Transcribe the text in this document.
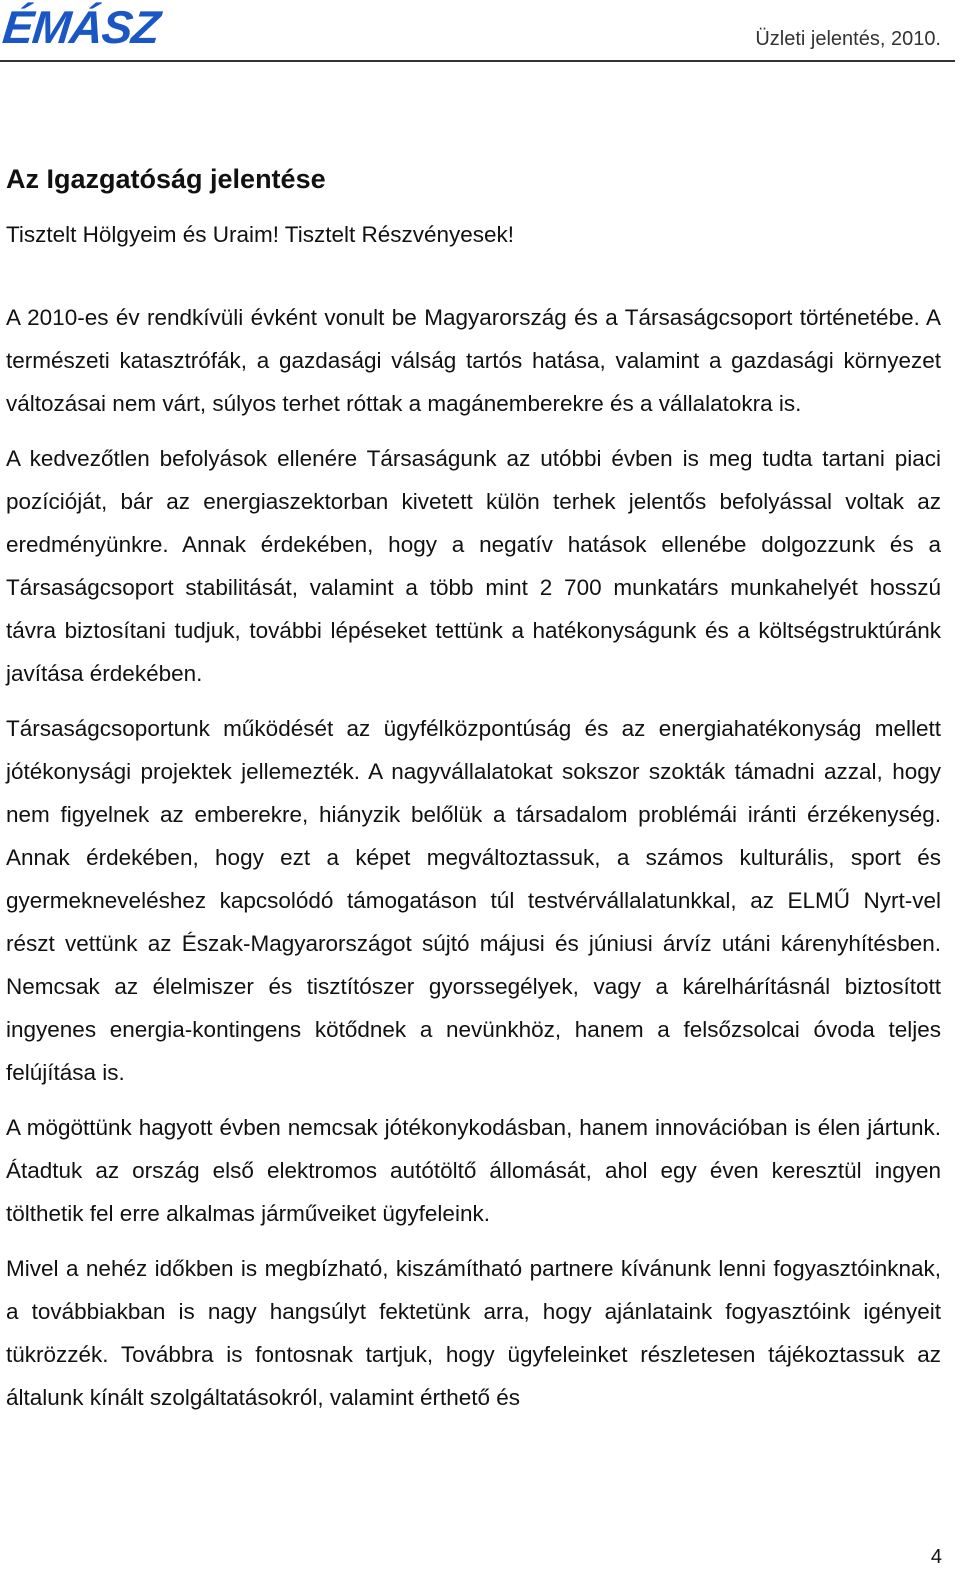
ÉMÁSZ	Üzleti jelentés, 2010.
Az Igazgatóság jelentése
Tisztelt Hölgyeim és Uraim! Tisztelt Részvényesek!

A 2010-es év rendkívüli évként vonult be Magyarország és a Társaságcsoport történetébe. A természeti katasztrófák, a gazdasági válság tartós hatása, valamint a gazdasági környezet változásai nem várt, súlyos terhet róttak a magánemberekre és a vállalatokra is.

A kedvezőtlen befolyások ellenére Társaságunk az utóbbi évben is meg tudta tartani piaci pozícióját, bár az energiaszektorban kivetett külön terhek jelentős befolyással voltak az eredményünkre. Annak érdekében, hogy a negatív hatások ellenébe dolgozzunk és a Társaságcsoport stabilitását, valamint a több mint 2 700 munkatárs munkahelyét hosszú távra biztosítani tudjuk, további lépéseket tettünk a hatékonyságunk és a költségstruktúránk javítása érdekében.

Társaságcsoportunk működését az ügyfélközpontúság és az energiahatékonyság mellett jótékonysági projektek jellemezték. A nagyvállalatokat sokszor szokták támadni azzal, hogy nem figyelnek az emberekre, hiányzik belőlük a társadalom problémái iránti érzékenység. Annak érdekében, hogy ezt a képet megváltoztassuk, a számos kulturális, sport és gyermekneveléshez kapcsolódó támogatáson túl testvérvállalatunkkal, az ELMŰ Nyrt-vel részt vettünk az Észak-Magyarországot sújtó májusi és júniusi árvíz utáni kárenyhítésben. Nemcsak az élelmiszer és tisztítószer gyorssegélyek, vagy a kárelhárításnál biztosított ingyenes energia-kontingens kötődnek a nevünkhöz, hanem a felsőzsolcai óvoda teljes felújítása is.

A mögöttünk hagyott évben nemcsak jótékonykodásban, hanem innovációban is élen jártunk. Átadtuk az ország első elektromos autótöltő állomását, ahol egy éven keresztül ingyen tölthetik fel erre alkalmas járműveiket ügyfeleink.

Mivel a nehéz időkben is megbízható, kiszámítható partnere kívánunk lenni fogyasztóinknak, a továbbiakban is nagy hangsúlyt fektetünk arra, hogy ajánlataink fogyasztóink igényeit tükrözzék. Továbbra is fontosnak tartjuk, hogy ügyfeleinket részletesen tájékoztassuk az általunk kínált szolgáltatásokról, valamint érthető és

4
